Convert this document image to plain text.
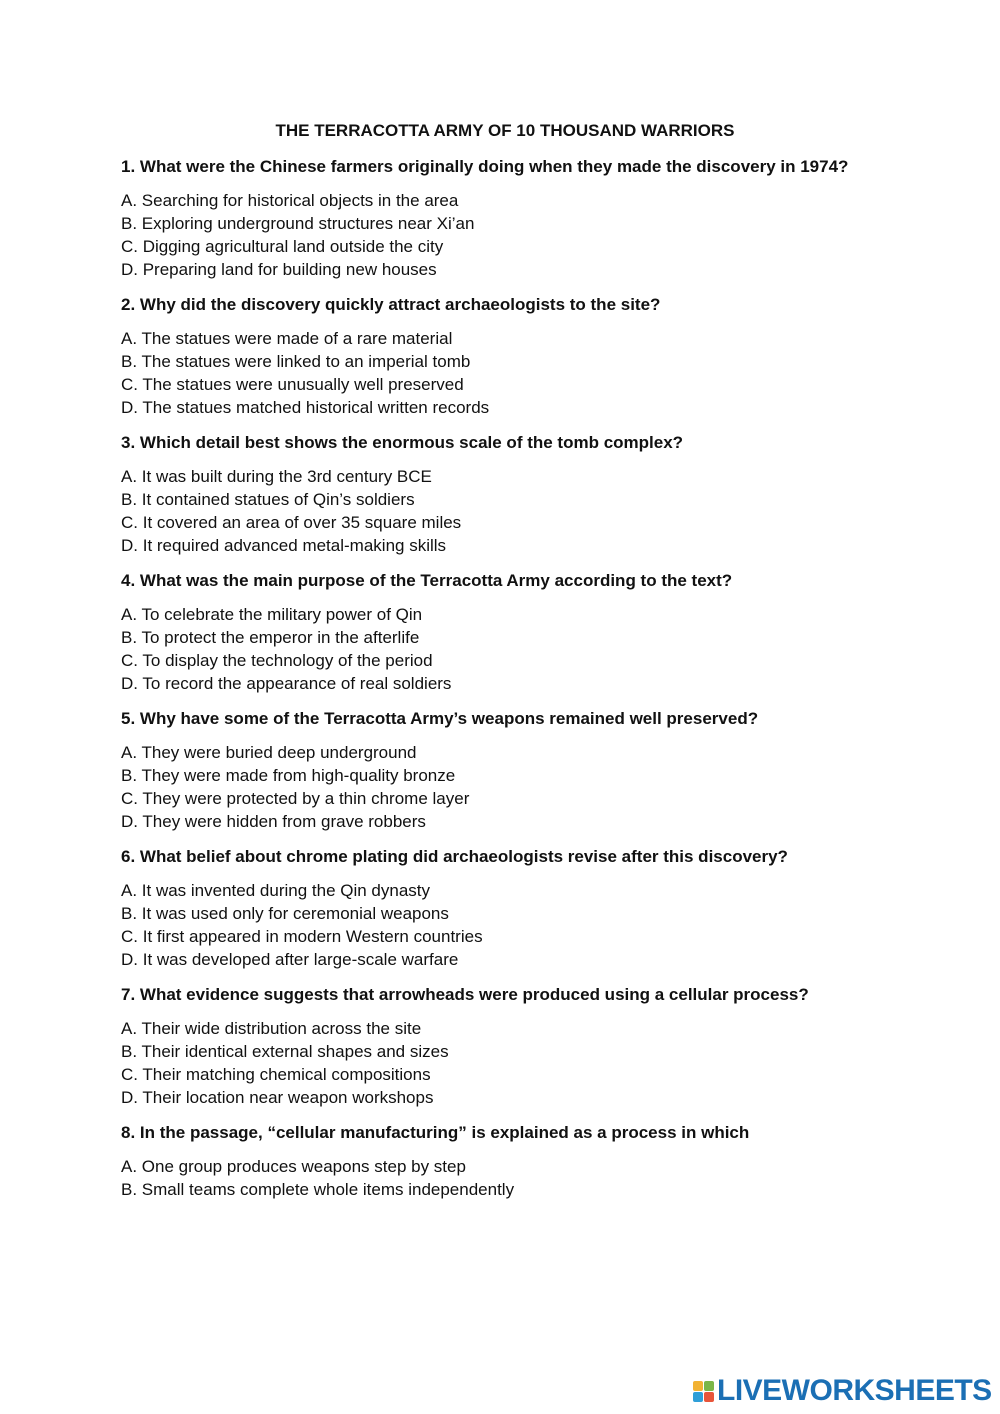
THE TERRACOTTA ARMY OF 10 THOUSAND WARRIORS

1. What were the Chinese farmers originally doing when they made the discovery in 1974?

A. Searching for historical objects in the area
B. Exploring underground structures near Xi’an
C. Digging agricultural land outside the city
D. Preparing land for building new houses

2. Why did the discovery quickly attract archaeologists to the site?

A. The statues were made of a rare material
B. The statues were linked to an imperial tomb
C. The statues were unusually well preserved
D. The statues matched historical written records

3. Which detail best shows the enormous scale of the tomb complex?

A. It was built during the 3rd century BCE
B. It contained statues of Qin’s soldiers
C. It covered an area of over 35 square miles
D. It required advanced metal-making skills

4. What was the main purpose of the Terracotta Army according to the text?

A. To celebrate the military power of Qin
B. To protect the emperor in the afterlife
C. To display the technology of the period
D. To record the appearance of real soldiers

5. Why have some of the Terracotta Army’s weapons remained well preserved?

A. They were buried deep underground
B. They were made from high-quality bronze
C. They were protected by a thin chrome layer
D. They were hidden from grave robbers

6. What belief about chrome plating did archaeologists revise after this discovery?

A. It was invented during the Qin dynasty
B. It was used only for ceremonial weapons
C. It first appeared in modern Western countries
D. It was developed after large-scale warfare

7. What evidence suggests that arrowheads were produced using a cellular process?

A. Their wide distribution across the site
B. Their identical external shapes and sizes
C. Their matching chemical compositions
D. Their location near weapon workshops

8. In the passage, “cellular manufacturing” is explained as a process in which

A. One group produces weapons step by step
B. Small teams complete whole items independently
LIVEWORKSHEETS
